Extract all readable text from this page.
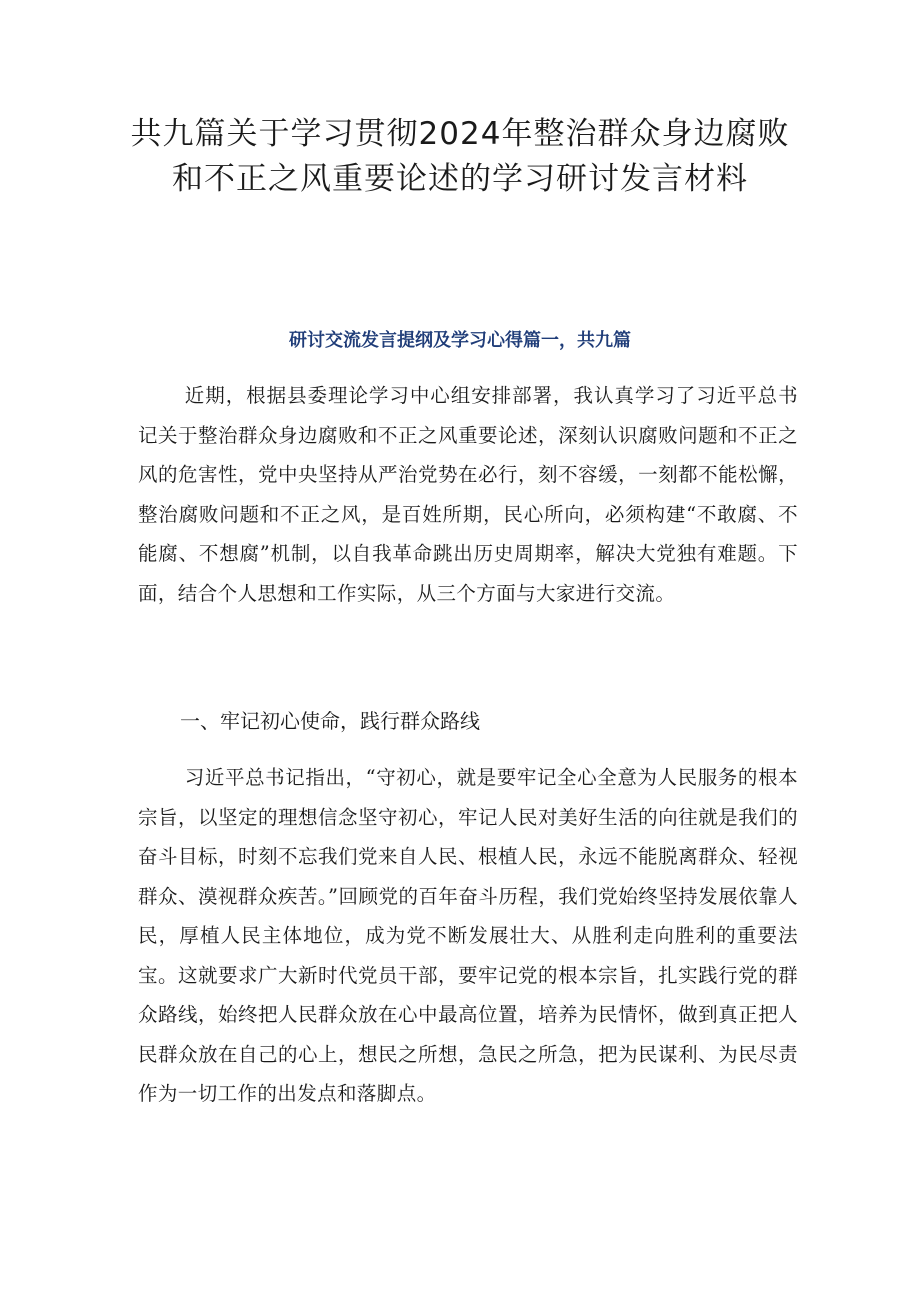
共九篇关于学习贯彻2024年整治群众身边腐败和不正之风重要论述的学习研讨发言材料

研讨交流发言提纲及学习心得篇一，共九篇

近期，根据县委理论学习中心组安排部署，我认真学习了习近平总书记关于整治群众身边腐败和不正之风重要论述，深刻认识腐败问题和不正之风的危害性，党中央坚持从严治党势在必行，刻不容缓，一刻都不能松懈，整治腐败问题和不正之风，是百姓所期，民心所向，必须构建“不敢腐、不能腐、不想腐”机制，以自我革命跳出历史周期率，解决大党独有难题。下面，结合个人思想和工作实际，从三个方面与大家进行交流。

一、牢记初心使命，践行群众路线

习近平总书记指出，“守初心，就是要牢记全心全意为人民服务的根本宗旨，以坚定的理想信念坚守初心，牢记人民对美好生活的向往就是我们的奋斗目标，时刻不忘我们党来自人民、根植人民，永远不能脱离群众、轻视群众、漠视群众疾苦。”回顾党的百年奋斗历程，我们党始终坚持发展依靠人民，厚植人民主体地位，成为党不断发展壮大、从胜利走向胜利的重要法宝。这就要求广大新时代党员干部，要牢记党的根本宗旨，扎实践行党的群众路线，始终把人民群众放在心中最高位置，培养为民情怀，做到真正把人民群众放在自己的心上，想民之所想，急民之所急，把为民谋利、为民尽责作为一切工作的出发点和落脚点。
